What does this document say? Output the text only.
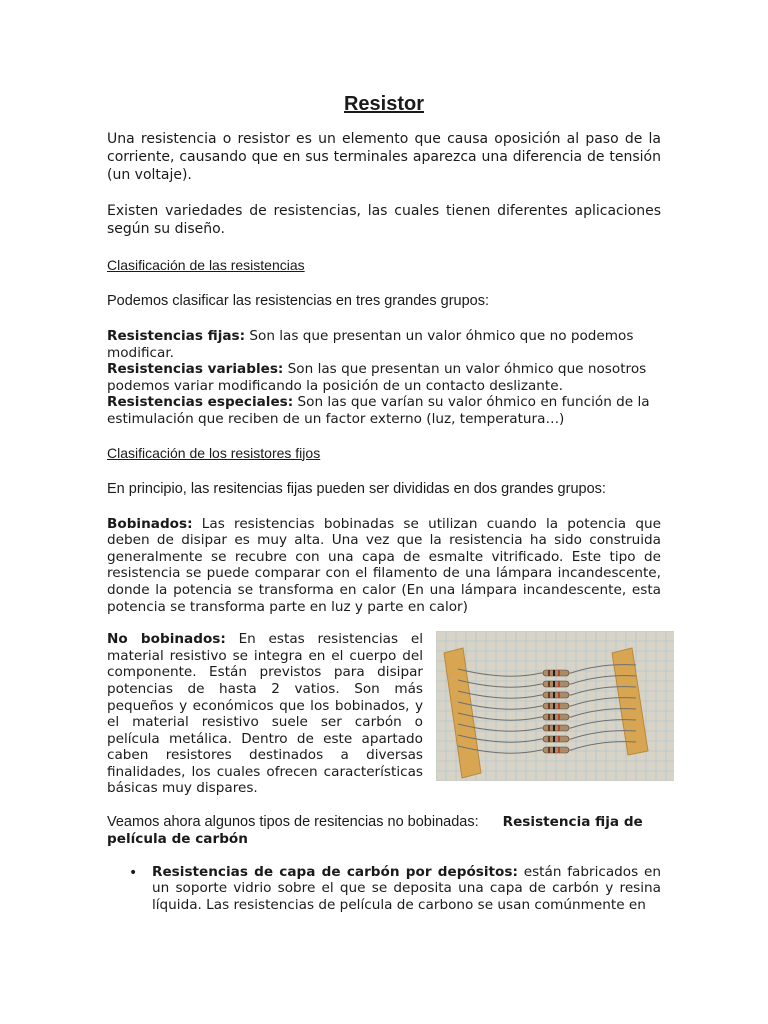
Resistor

Una resistencia o resistor es un elemento que causa oposición al paso de la corriente, causando que en sus terminales aparezca una diferencia de tensión (un voltaje).

Existen variedades de resistencias, las cuales tienen diferentes aplicaciones según su diseño.

Clasificación de las resistencias

Podemos clasificar las resistencias en tres grandes grupos:

Resistencias fijas: Son las que presentan un valor óhmico que no podemos modificar.

Resistencias variables: Son las que presentan un valor óhmico que nosotros podemos variar modificando la posición de un contacto deslizante.

Resistencias especiales: Son las que varían su valor óhmico en función de la estimulación que reciben de un factor externo (luz, temperatura…)

Clasificación de los resistores fijos

En principio, las resitencias fijas pueden ser divididas en dos grandes grupos:

Bobinados: Las resistencias bobinadas se utilizan cuando la potencia que deben de disipar es muy alta. Una vez que la resistencia ha sido construida generalmente se recubre con una capa de esmalte vitrificado. Este tipo de resistencia se puede comparar con el filamento de una lámpara incandescente, donde la potencia se transforma en calor (En una lámpara incandescente, esta potencia se transforma parte en luz y parte en calor)

No bobinados: En estas resistencias el material resistivo se integra en el cuerpo del componente. Están previstos para disipar potencias de hasta 2 vatios. Son más pequeños y económicos que los bobinados, y el material resistivo suele ser carbón o película metálica. Dentro de este apartado caben resistores destinados a diversas finalidades, los cuales ofrecen características básicas muy dispares.

Veamos ahora algunos tipos de resitencias no bobinadas: Resistencia fija de película de carbón

• Resistencias de capa de carbón por depósitos: están fabricados en un soporte vidrio sobre el que se deposita una capa de carbón y resina líquida. Las resistencias de película de carbono se usan comúnmente en
